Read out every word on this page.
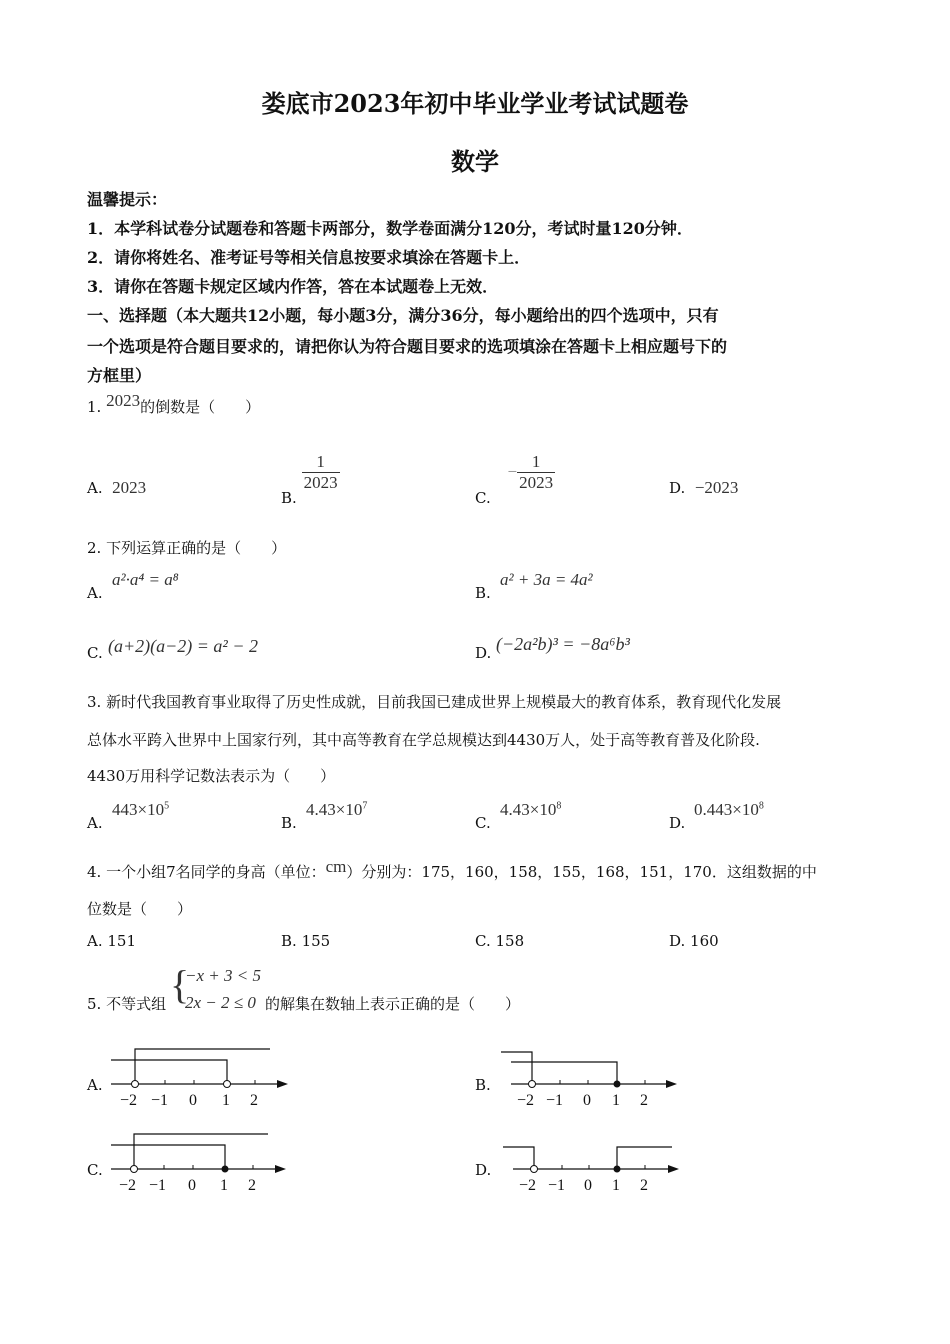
娄底市2023年初中毕业学业考试试题卷
数学
温馨提示：
1．本学科试卷分试题卷和答题卡两部分，数学卷面满分120分，考试时量120分钟．
2．请你将姓名、准考证号等相关信息按要求填涂在答题卡上．
3．请你在答题卡规定区域内作答，答在本试题卷上无效．
一、选择题（本大题共12小题，每小题3分，满分36分，每小题给出的四个选项中，只有
一个选项是符合题目要求的，请把你认为符合题目要求的选项填涂在答题卡上相应题号下的
方框里）
1. 2023的倒数是（　　）
A. 2023
B.
$\frac{1}{2023}$
C. − $\frac{1}{2023}$	D. −2023
2. 下列运算正确的是（　　）
A.
a²·a⁴ = a⁸
B.
a² + 3a = 4a²
C. (a+2)(a−2) = a² − 2	D. (−2a²b)³ = −8a⁶b³
3. 新时代我国教育事业取得了历史性成就，目前我国已建成世界上规模最大的教育体系，教育现代化发展
总体水平跨入世界中上国家行列，其中高等教育在学总规模达到4430万人，处于高等教育普及化阶段.
4430万用科学记数法表示为（　　）
A.
$443\times 10^5$
B.
$4.43\times 10^7$
C.
$4.43\times 10^8$
D.
$0.443\times 10^8$
4. 一个小组7名同学的身高（单位：cm）分别为：175，160，158，155，168，151，170．这组数据的中
位数是（　　）
A. 151	B. 155	C. 158	D. 160
5. 不等式组 {
−x + 3 < 5
2x − 2 ≤ 0 的解集在数轴上表示正确的是（　　）
A.
−2 −1 0 1 2
B.
−2 −1 0 1 2
C.
−2 −1 0 1 2
D.
−2 −1 0 1 2
